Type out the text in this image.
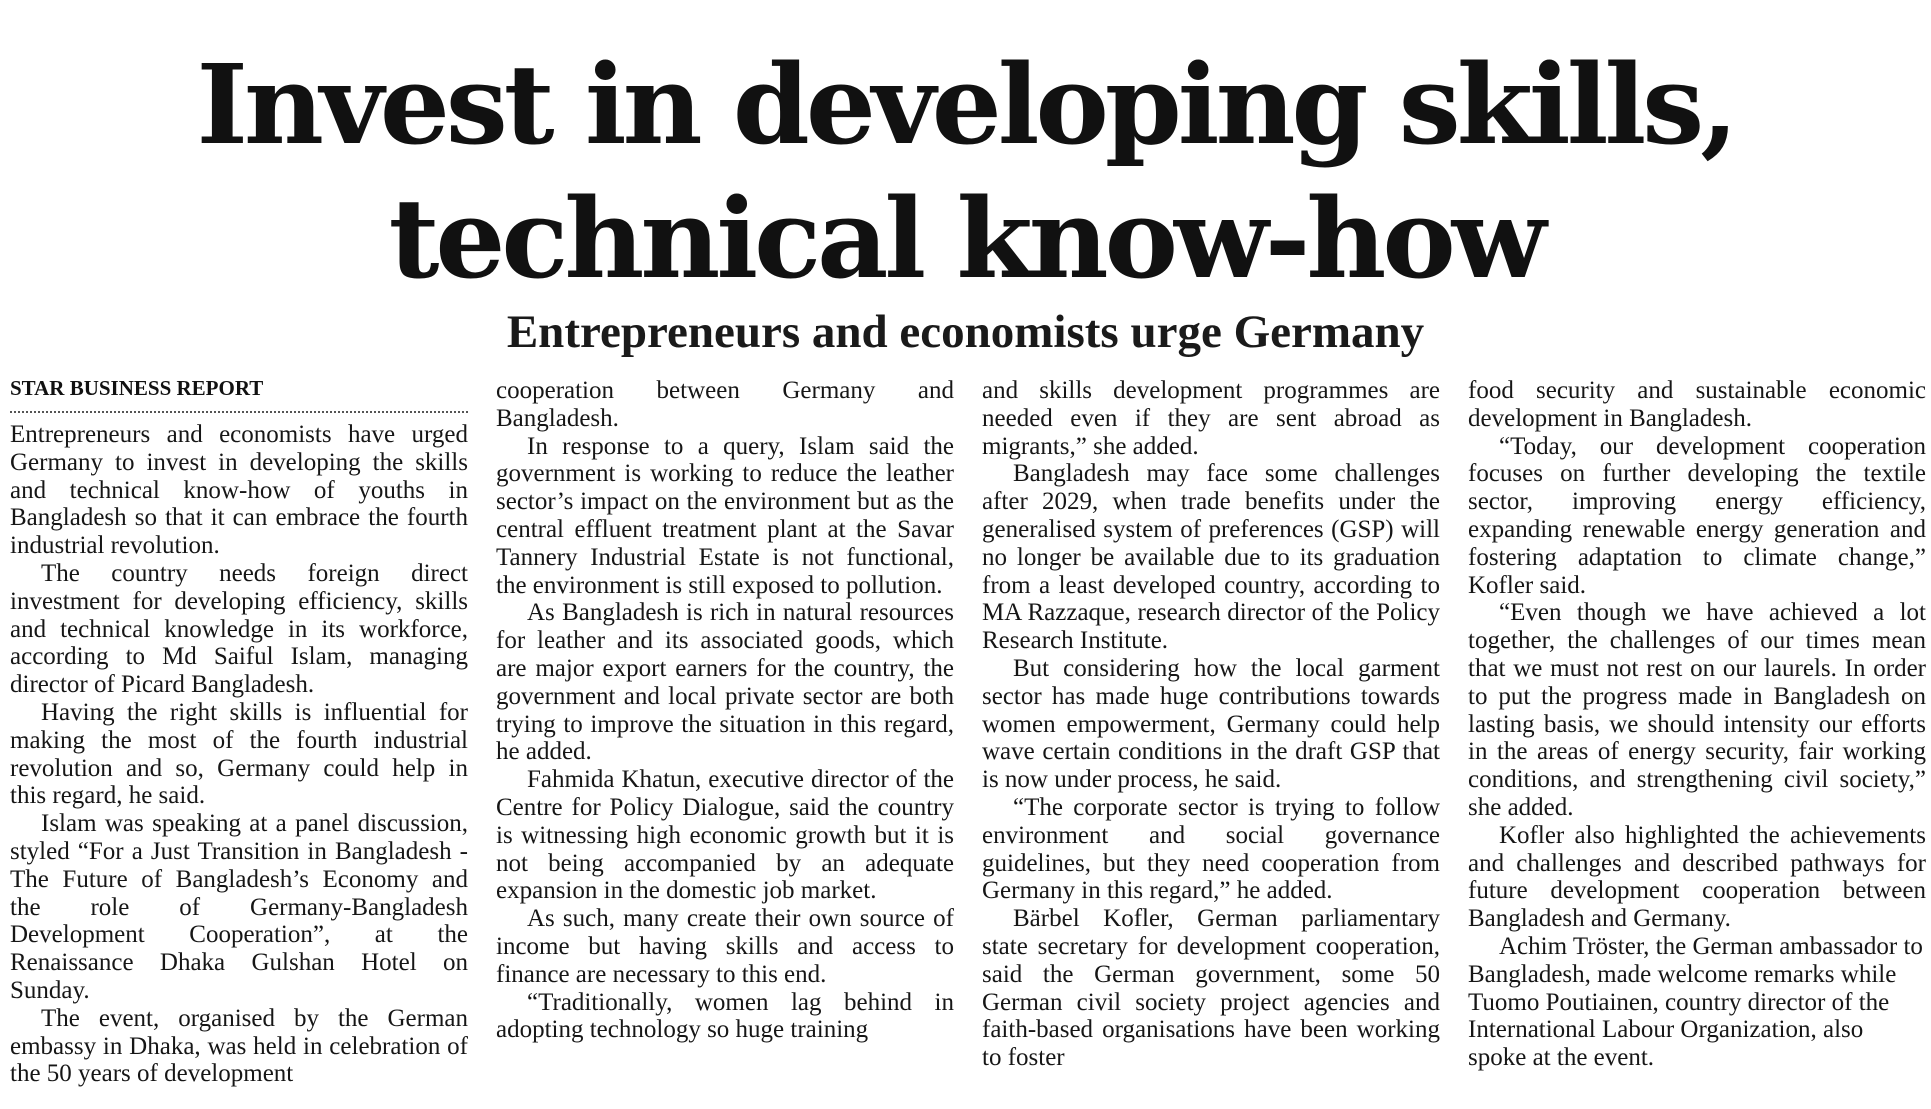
Invest in developing skills,
technical know-how
Entrepreneurs and economists urge Germany
STAR BUSINESS REPORT

Entrepreneurs and economists have urged Germany to invest in developing the skills and technical know-how of youths in Bangladesh so that it can embrace the fourth industrial revolution.

The country needs foreign direct investment for developing efficiency, skills and technical knowledge in its workforce, according to Md Saiful Islam, managing director of Picard Bangladesh.

Having the right skills is influential for making the most of the fourth industrial revolution and so, Germany could help in this regard, he said.

Islam was speaking at a panel discussion, styled “For a Just Transition in Bangladesh - The Future of Bangladesh’s Economy and the role of Germany-Bangladesh Development Cooperation”, at the Renaissance Dhaka Gulshan Hotel on Sunday.

The event, organised by the German embassy in Dhaka, was held in celebration of the 50 years of development

cooperation between Germany and Bangladesh.

In response to a query, Islam said the government is working to reduce the leather sector’s impact on the environment but as the central effluent treatment plant at the Savar Tannery Industrial Estate is not functional, the environment is still exposed to pollution.

As Bangladesh is rich in natural resources for leather and its associated goods, which are major export earners for the country, the government and local private sector are both trying to improve the situation in this regard, he added.

Fahmida Khatun, executive director of the Centre for Policy Dialogue, said the country is witnessing high economic growth but it is not being accompanied by an adequate expansion in the domestic job market.

As such, many create their own source of income but having skills and access to finance are necessary to this end.

“Traditionally, women lag behind in adopting technology so huge training

and skills development programmes are needed even if they are sent abroad as migrants,” she added.

Bangladesh may face some challenges after 2029, when trade benefits under the generalised system of preferences (GSP) will no longer be available due to its graduation from a least developed country, according to MA Razzaque, research director of the Policy Research Institute.

But considering how the local garment sector has made huge contributions towards women empowerment, Germany could help wave certain conditions in the draft GSP that is now under process, he said.

“The corporate sector is trying to follow environment and social governance guidelines, but they need cooperation from Germany in this regard,” he added.

Bärbel Kofler, German parliamentary state secretary for development cooperation, said the German government, some 50 German civil society project agencies and faith-based organisations have been working to foster

food security and sustainable economic development in Bangladesh.

“Today, our development cooperation focuses on further developing the textile sector, improving energy efficiency, expanding renewable energy generation and fostering adaptation to climate change,” Kofler said.

“Even though we have achieved a lot together, the challenges of our times mean that we must not rest on our laurels. In order to put the progress made in Bangladesh on lasting basis, we should intensity our efforts in the areas of energy security, fair working conditions, and strengthening civil society,” she added.

Kofler also highlighted the achievements and challenges and described pathways for future development cooperation between Bangladesh and Germany.

Achim Tröster, the German ambassador to Bangladesh, made welcome remarks while Tuomo Poutiainen, country director of the International Labour Organization, also spoke at the event.
